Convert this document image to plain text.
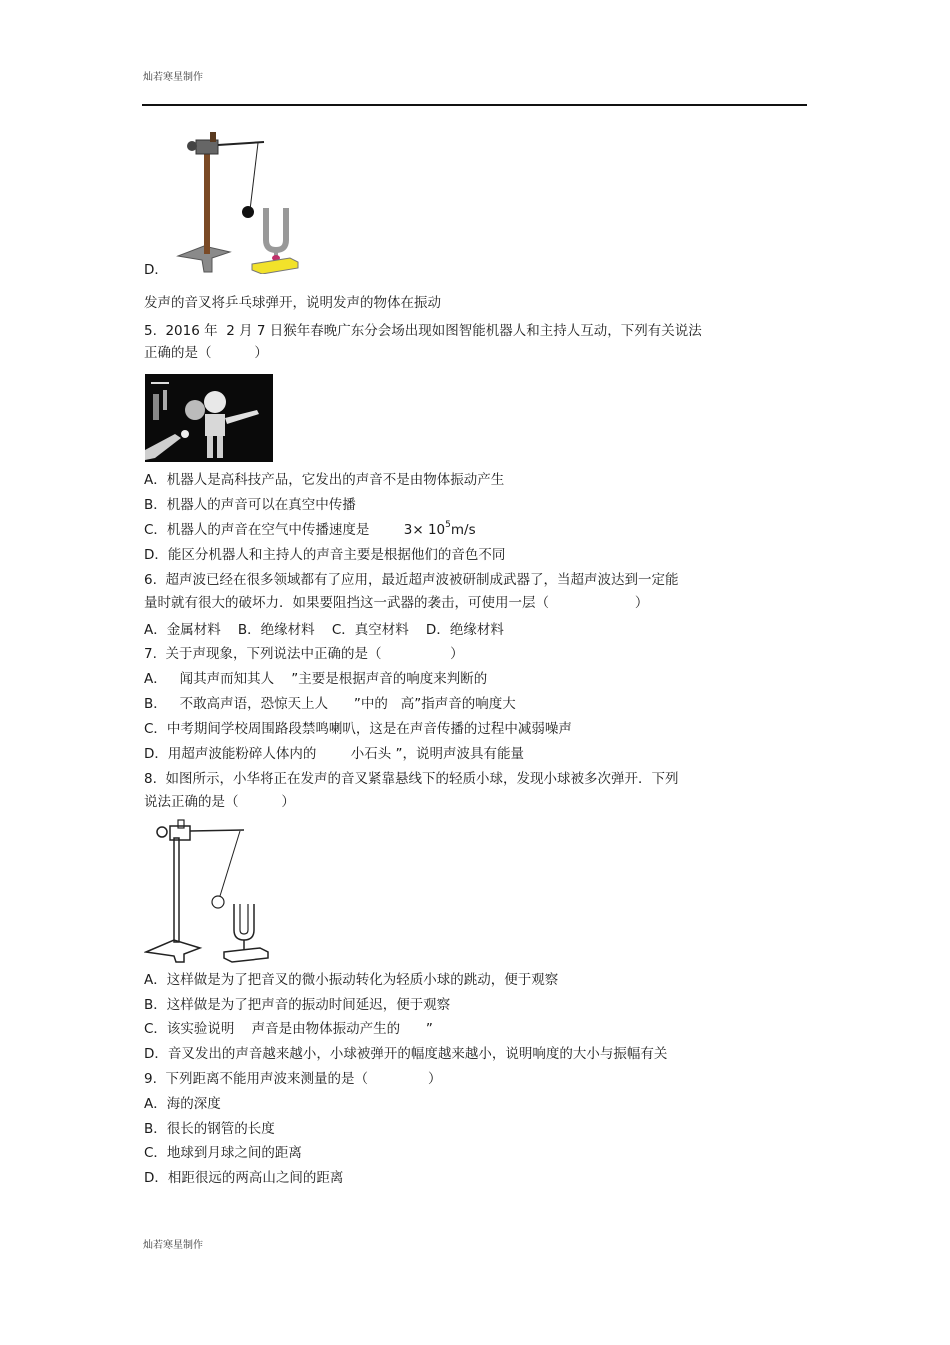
灿若寒星制作
D．
发声的音叉将乒乓球弹开，说明发声的物体在振动
5.  2016 年  2 月 7 日猴年春晚广东分会场出现如图智能机器人和主持人互动，下列有关说法
正确的是（          ）
A．机器人是高科技产品，它发出的声音不是由物体振动产生
B．机器人的声音可以在真空中传播
C．机器人的声音在空气中传播速度是        $3\times 10^5m/s$
D．能区分机器人和主持人的声音主要是根据他们的音色不同
6.  超声波已经在很多领域都有了应用，最近超声波被研制成武器了，当超声波达到一定能
量时就有很大的破坏力．如果要阻挡这一武器的袭击，可使用一层（                    ）
A．金属材料    B．绝缘材料    C．真空材料    D．绝缘材料
7.  关于声现象，下列说法中正确的是（                ）
A．   闻其声而知其人    ”主要是根据声音的响度来判断的
B．   不敢高声语，恐惊天上人      ”中的   高”指声音的响度大
C．中考期间学校周围路段禁鸣喇叭，这是在声音传播的过程中减弱噪声
D．用超声波能粉碎人体内的        小石头 ”，说明声波具有能量
8.  如图所示，小华将正在发声的音叉紧靠悬线下的轻质小球，发现小球被多次弹开．下列
说法正确的是（          ）
A．这样做是为了把音叉的微小振动转化为轻质小球的跳动，便于观察
B．这样做是为了把声音的振动时间延迟，便于观察
C．该实验说明    声音是由物体振动产生的      ”
D．音叉发出的声音越来越小，小球被弹开的幅度越来越小，说明响度的大小与振幅有关
9.  下列距离不能用声波来测量的是（              ）
A．海的深度
B．很长的钢管的长度
C．地球到月球之间的距离
D．相距很远的两高山之间的距离
灿若寒星制作
